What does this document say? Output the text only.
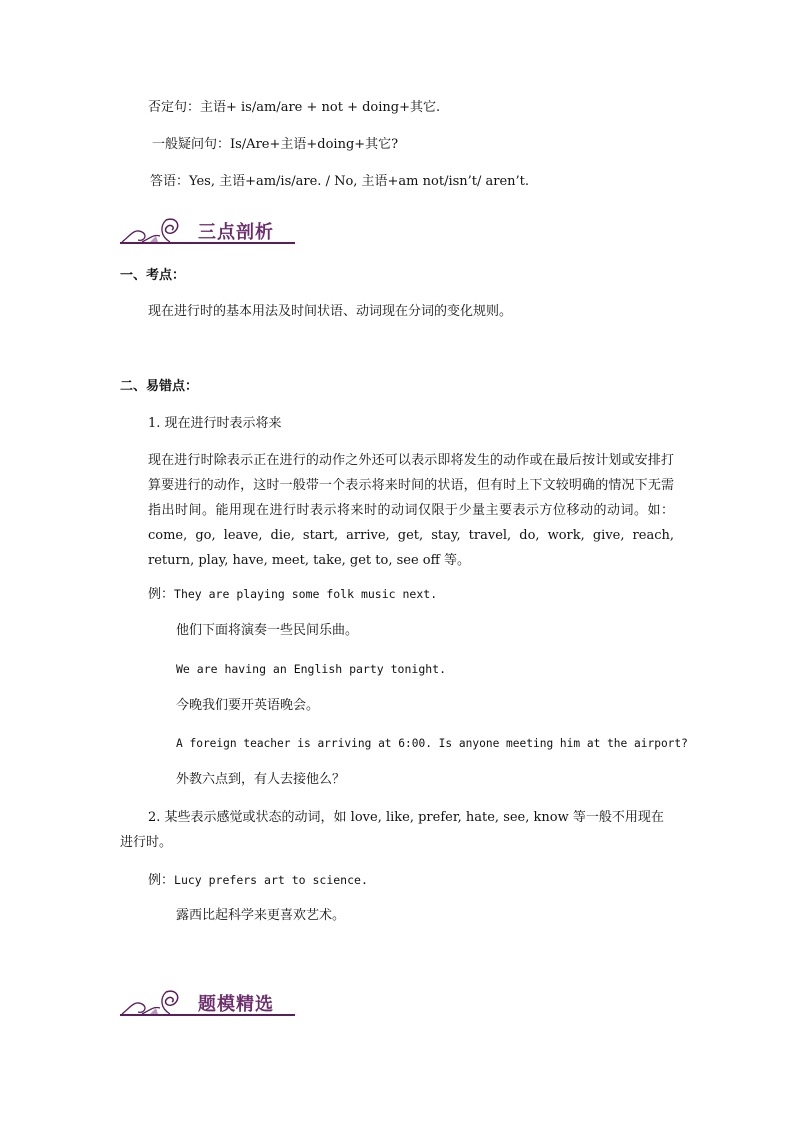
否定句：主语+ is/am/are + not + doing+其它.
一般疑问句：Is/Are+主语+doing+其它?
答语：Yes, 主语+am/is/are. / No, 主语+am not/isn’t/ aren’t.
三点剖析
一、考点：
现在进行时的基本用法及时间状语、动词现在分词的变化规则。
二、易错点：
1. 现在进行时表示将来
现在进行时除表示正在进行的动作之外还可以表示即将发生的动作或在最后按计划或安排打算要进行的动作，这时一般带一个表示将来时间的状语，但有时上下文较明确的情况下无需指出时间。能用现在进行时表示将来时的动词仅限于少量主要表示方位移动的动词。如：come, go, leave, die, start, arrive, get, stay, travel, do, work, give, reach, return, play, have, meet, take, get to, see off 等。
例：They are playing some folk music next.
他们下面将演奏一些民间乐曲。
We are having an English party tonight.
今晚我们要开英语晚会。
A foreign teacher is arriving at 6:00. Is anyone meeting him at the airport?
外教六点到，有人去接他么？
2. 某些表示感觉或状态的动词，如 love, like, prefer, hate, see, know 等一般不用现在进行时。
例：Lucy prefers art to science.
露西比起科学来更喜欢艺术。
题模精选
